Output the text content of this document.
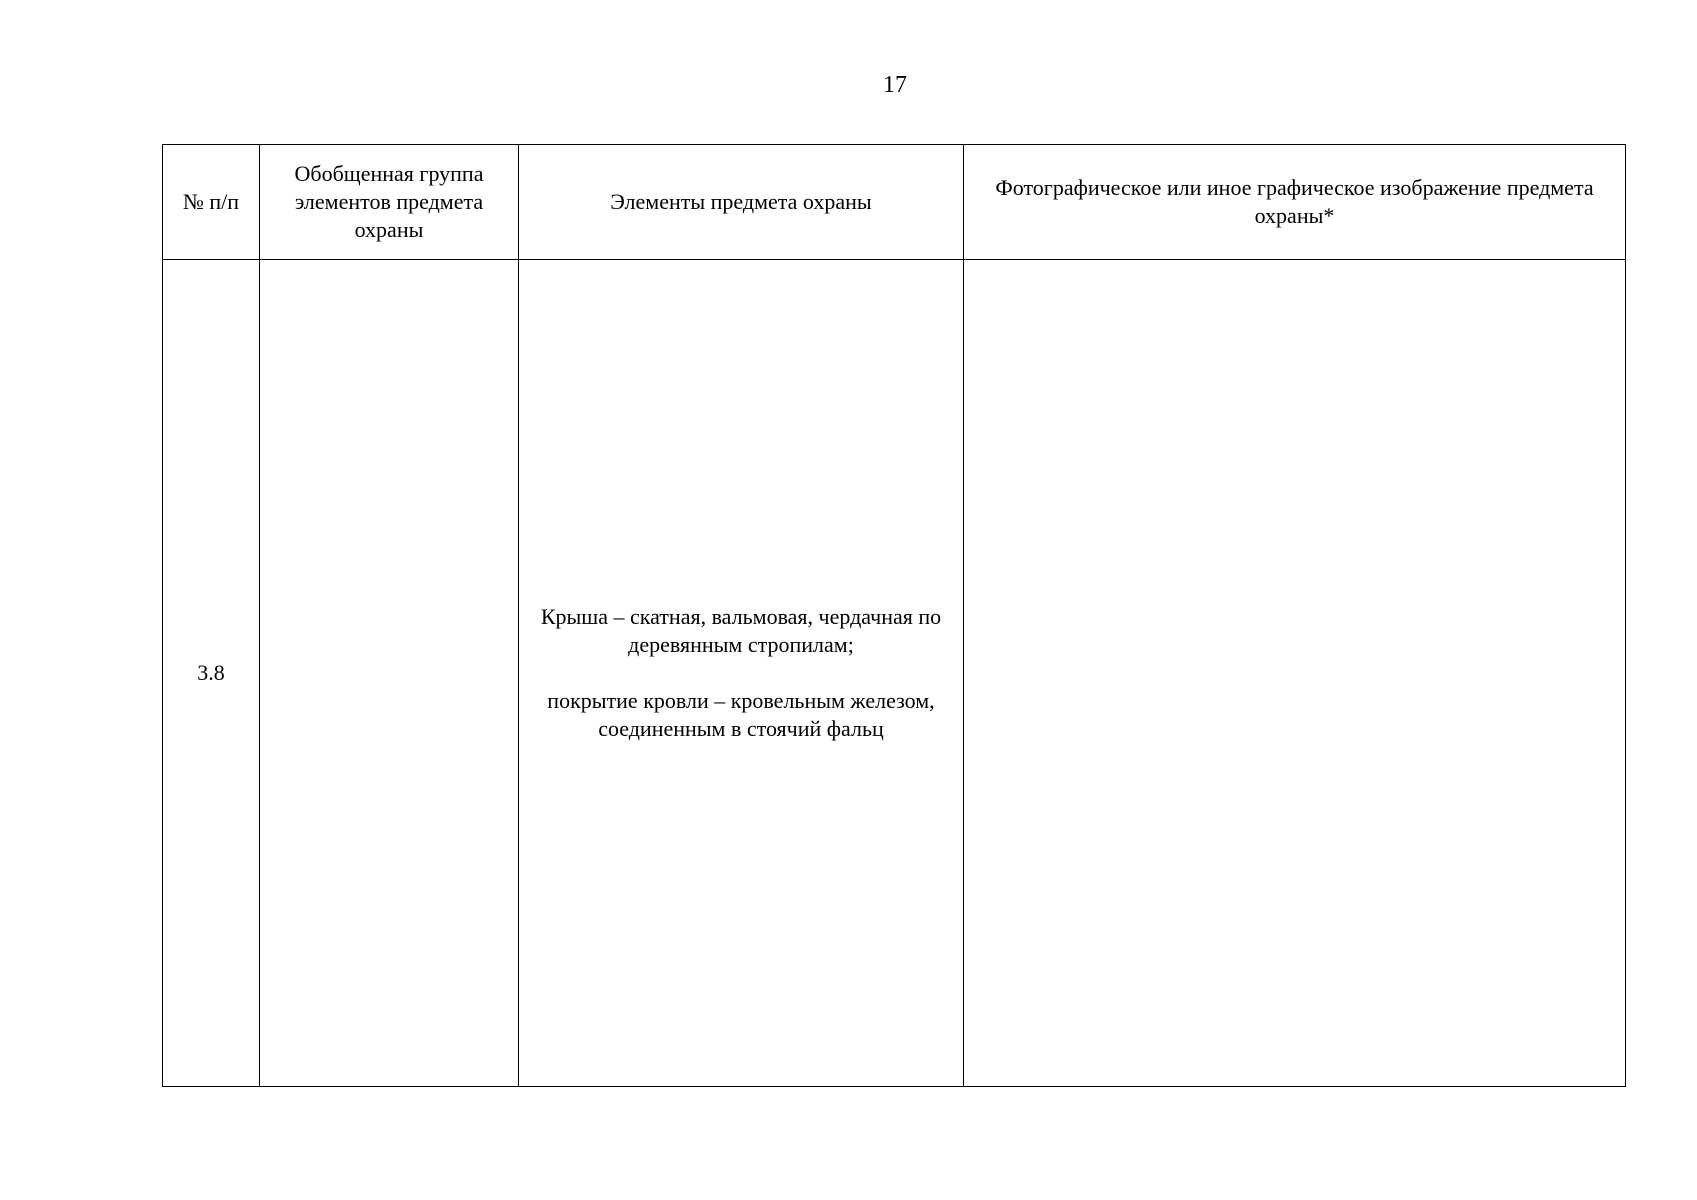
17
№ п/п	Обобщенная группа элементов предмета охраны	Элементы предмета охраны	Фотографическое или иное графическое изображение предмета охраны*
3.8		Крыша – скатная, вальмовая, чердачная по деревянным стропилам;
покрытие кровли – кровельным железом, соединенным в стоячий фальц	
